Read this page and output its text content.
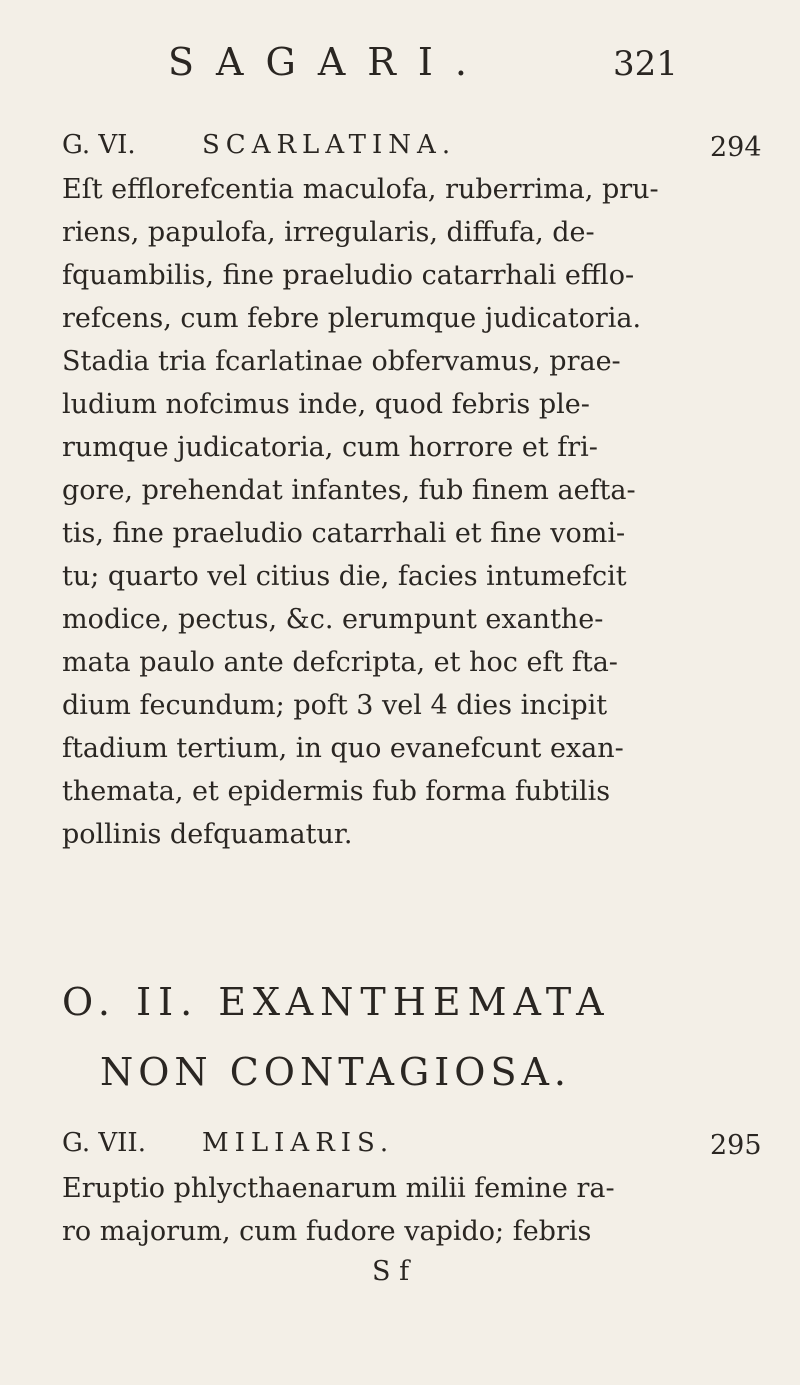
SAGARI.	321
G. VI.	SCARLATINA.	294
Eſt efflorefcentia maculofa, ruberrima, pru-
riens, papulofa, irregularis, diffufa, de-
fquambilis, fine praeludio catarrhali efflo-
refcens, cum febre plerumque judicatoria.
Stadia tria fcarlatinae obfervamus, prae-
ludium nofcimus inde, quod febris ple-
rumque judicatoria, cum horrore et fri-
gore, prehendat infantes, fub finem aefta-
tis, fine praeludio catarrhali et fine vomi-
tu; quarto vel citius die, facies intumefcit
modice, pectus, &c. erumpunt exanthe-
mata paulo ante defcripta, et hoc eft fta-
dium fecundum; poft 3 vel 4 dies incipit
ftadium tertium, in quo evanefcunt exan-
themata, et epidermis fub forma fubtilis
pollinis defquamatur.
O. II. EXANTHEMATA
NON CONTAGIOSA.
G. VII. MILIARIS.	295
Eruptio phlycthaenarum milii femine ra-
ro majorum, cum fudore vapido; febris
S f
